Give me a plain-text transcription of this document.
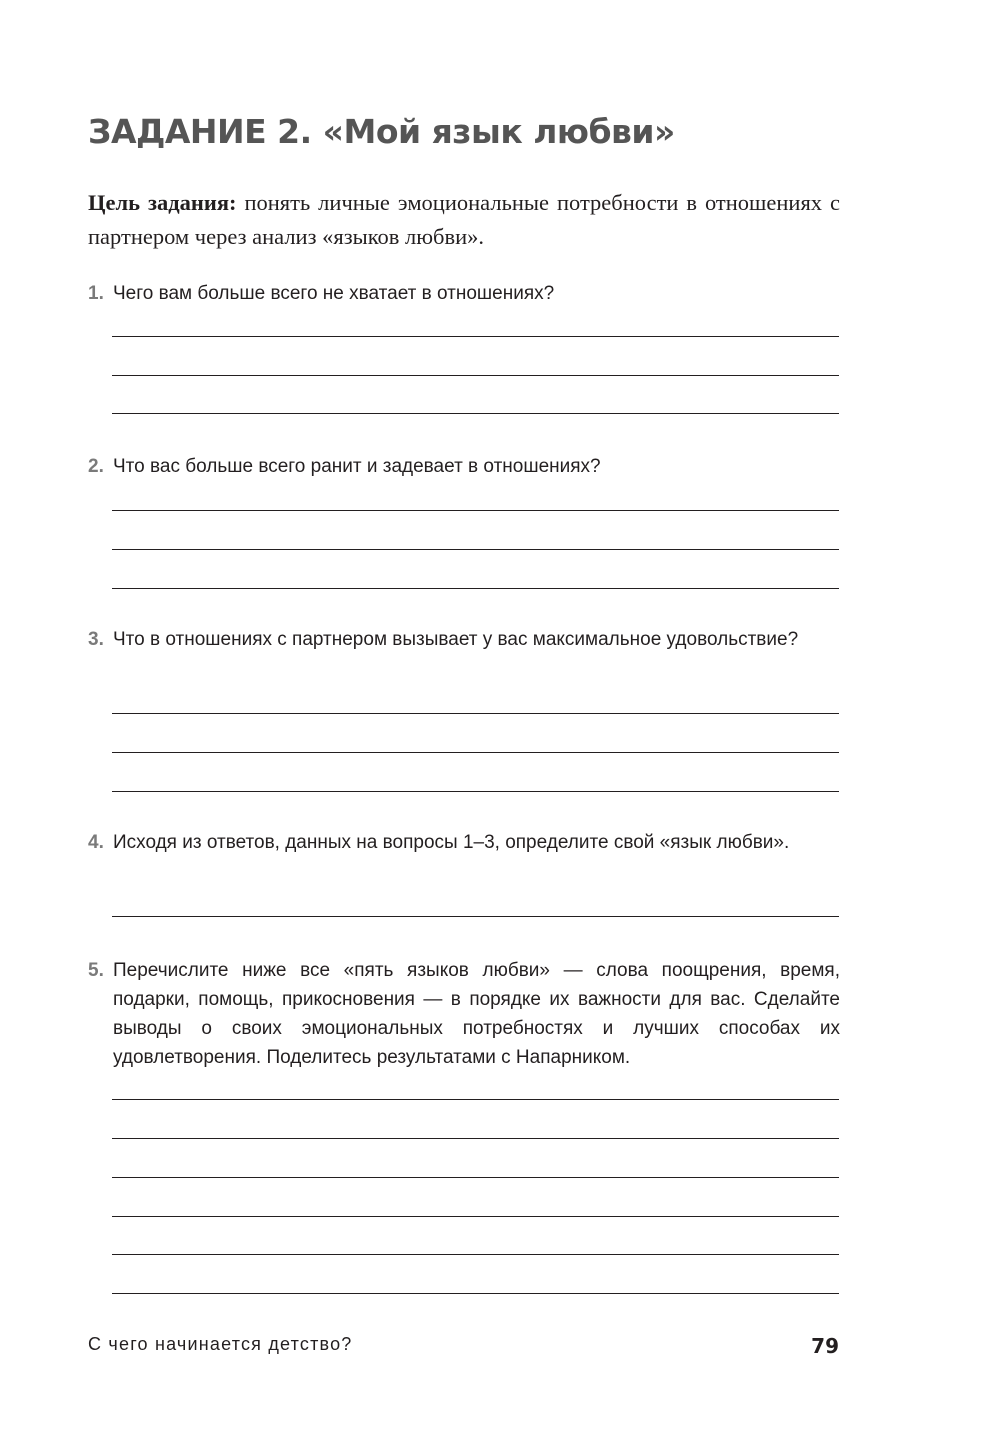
ЗАДАНИЕ 2. «Мой язык любви»

Цель задания: понять личные эмоциональные потребности в отношениях с партнером через анализ «языков любви».

1. Чего вам больше всего не хватает в отношениях?

2. Что вас больше всего ранит и задевает в отношениях?

3. Что в отношениях с партнером вызывает у вас максимальное удовольствие?

4. Исходя из ответов, данных на вопросы 1–3, определите свой «язык любви».

5. Перечислите ниже все «пять языков любви» — слова поощрения, время, подарки, помощь, прикосновения — в порядке их важности для вас. Сделайте выводы о своих эмоциональных потребностях и лучших способах их удовлетворения. Поделитесь результатами с Напарником.

С чего начинается детство?	79
